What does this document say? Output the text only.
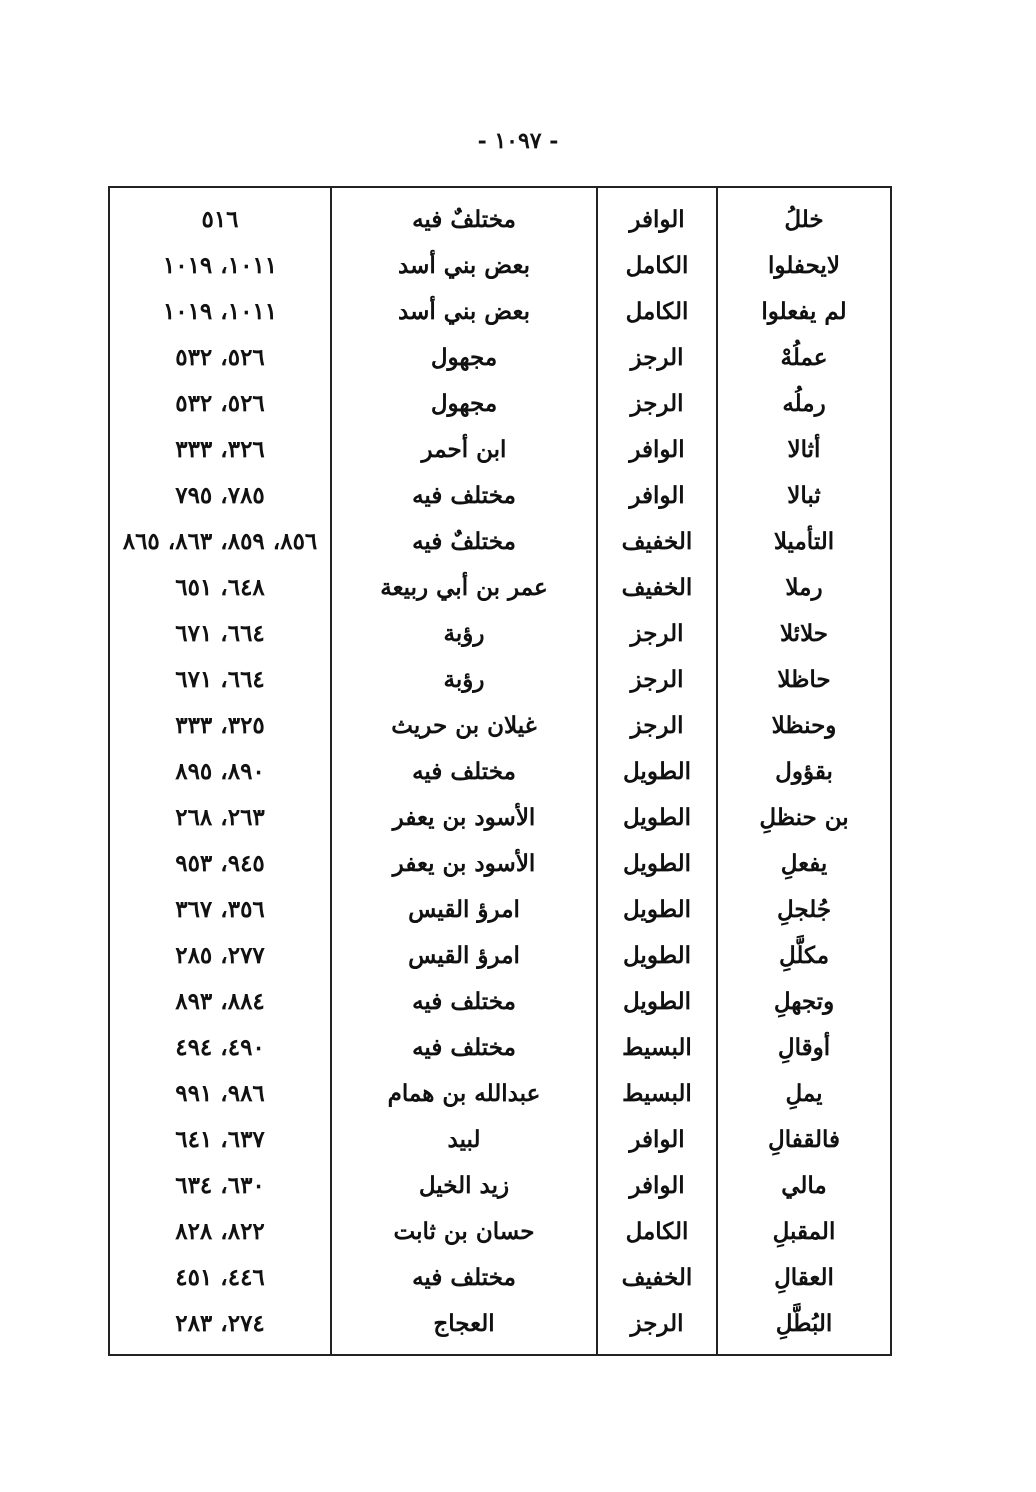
- ١٠٩٧ -
خللُ	الوافر	مختلفٌ فيه	٥١٦
لايحفلوا	الكامل	بعض بني أسد	١٠١١، ١٠١٩
لم يفعلوا	الكامل	بعض بني أسد	١٠١١، ١٠١٩
عملُهْ	الرجز	مجهول	٥٢٦، ٥٣٢
رملُه	الرجز	مجهول	٥٢٦، ٥٣٢
أثالا	الوافر	ابن أحمر	٣٢٦، ٣٣٣
ثبالا	الوافر	مختلف فيه	٧٨٥، ٧٩٥
التأميلا	الخفيف	مختلفٌ فيه	٨٥٦، ٨٥٩، ٨٦٣، ٨٦٥
رملا	الخفيف	عمر بن أبي ربيعة	٦٤٨، ٦٥١
حلائلا	الرجز	رؤبة	٦٦٤، ٦٧١
حاظلا	الرجز	رؤبة	٦٦٤، ٦٧١
وحنظلا	الرجز	غيلان بن حريث	٣٢٥، ٣٣٣
بقؤول	الطويل	مختلف فيه	٨٩٠، ٨٩٥
بن حنظلِ	الطويل	الأسود بن يعفر	٢٦٣، ٢٦٨
يفعلِ	الطويل	الأسود بن يعفر	٩٤٥، ٩٥٣
جُلجلِ	الطويل	امرؤ القيس	٣٥٦، ٣٦٧
مكلَّلِ	الطويل	امرؤ القيس	٢٧٧، ٢٨٥
وتجهلِ	الطويل	مختلف فيه	٨٨٤، ٨٩٣
أوقالِ	البسيط	مختلف فيه	٤٩٠، ٤٩٤
يملِ	البسيط	عبدالله بن همام	٩٨٦، ٩٩١
فالقفالِ	الوافر	لبيد	٦٣٧، ٦٤١
مالي	الوافر	زيد الخيل	٦٣٠، ٦٣٤
المقبلِ	الكامل	حسان بن ثابت	٨٢٢، ٨٢٨
العقالِ	الخفيف	مختلف فيه	٤٤٦، ٤٥١
البُطَّلِ	الرجز	العجاج	٢٧٤، ٢٨٣
